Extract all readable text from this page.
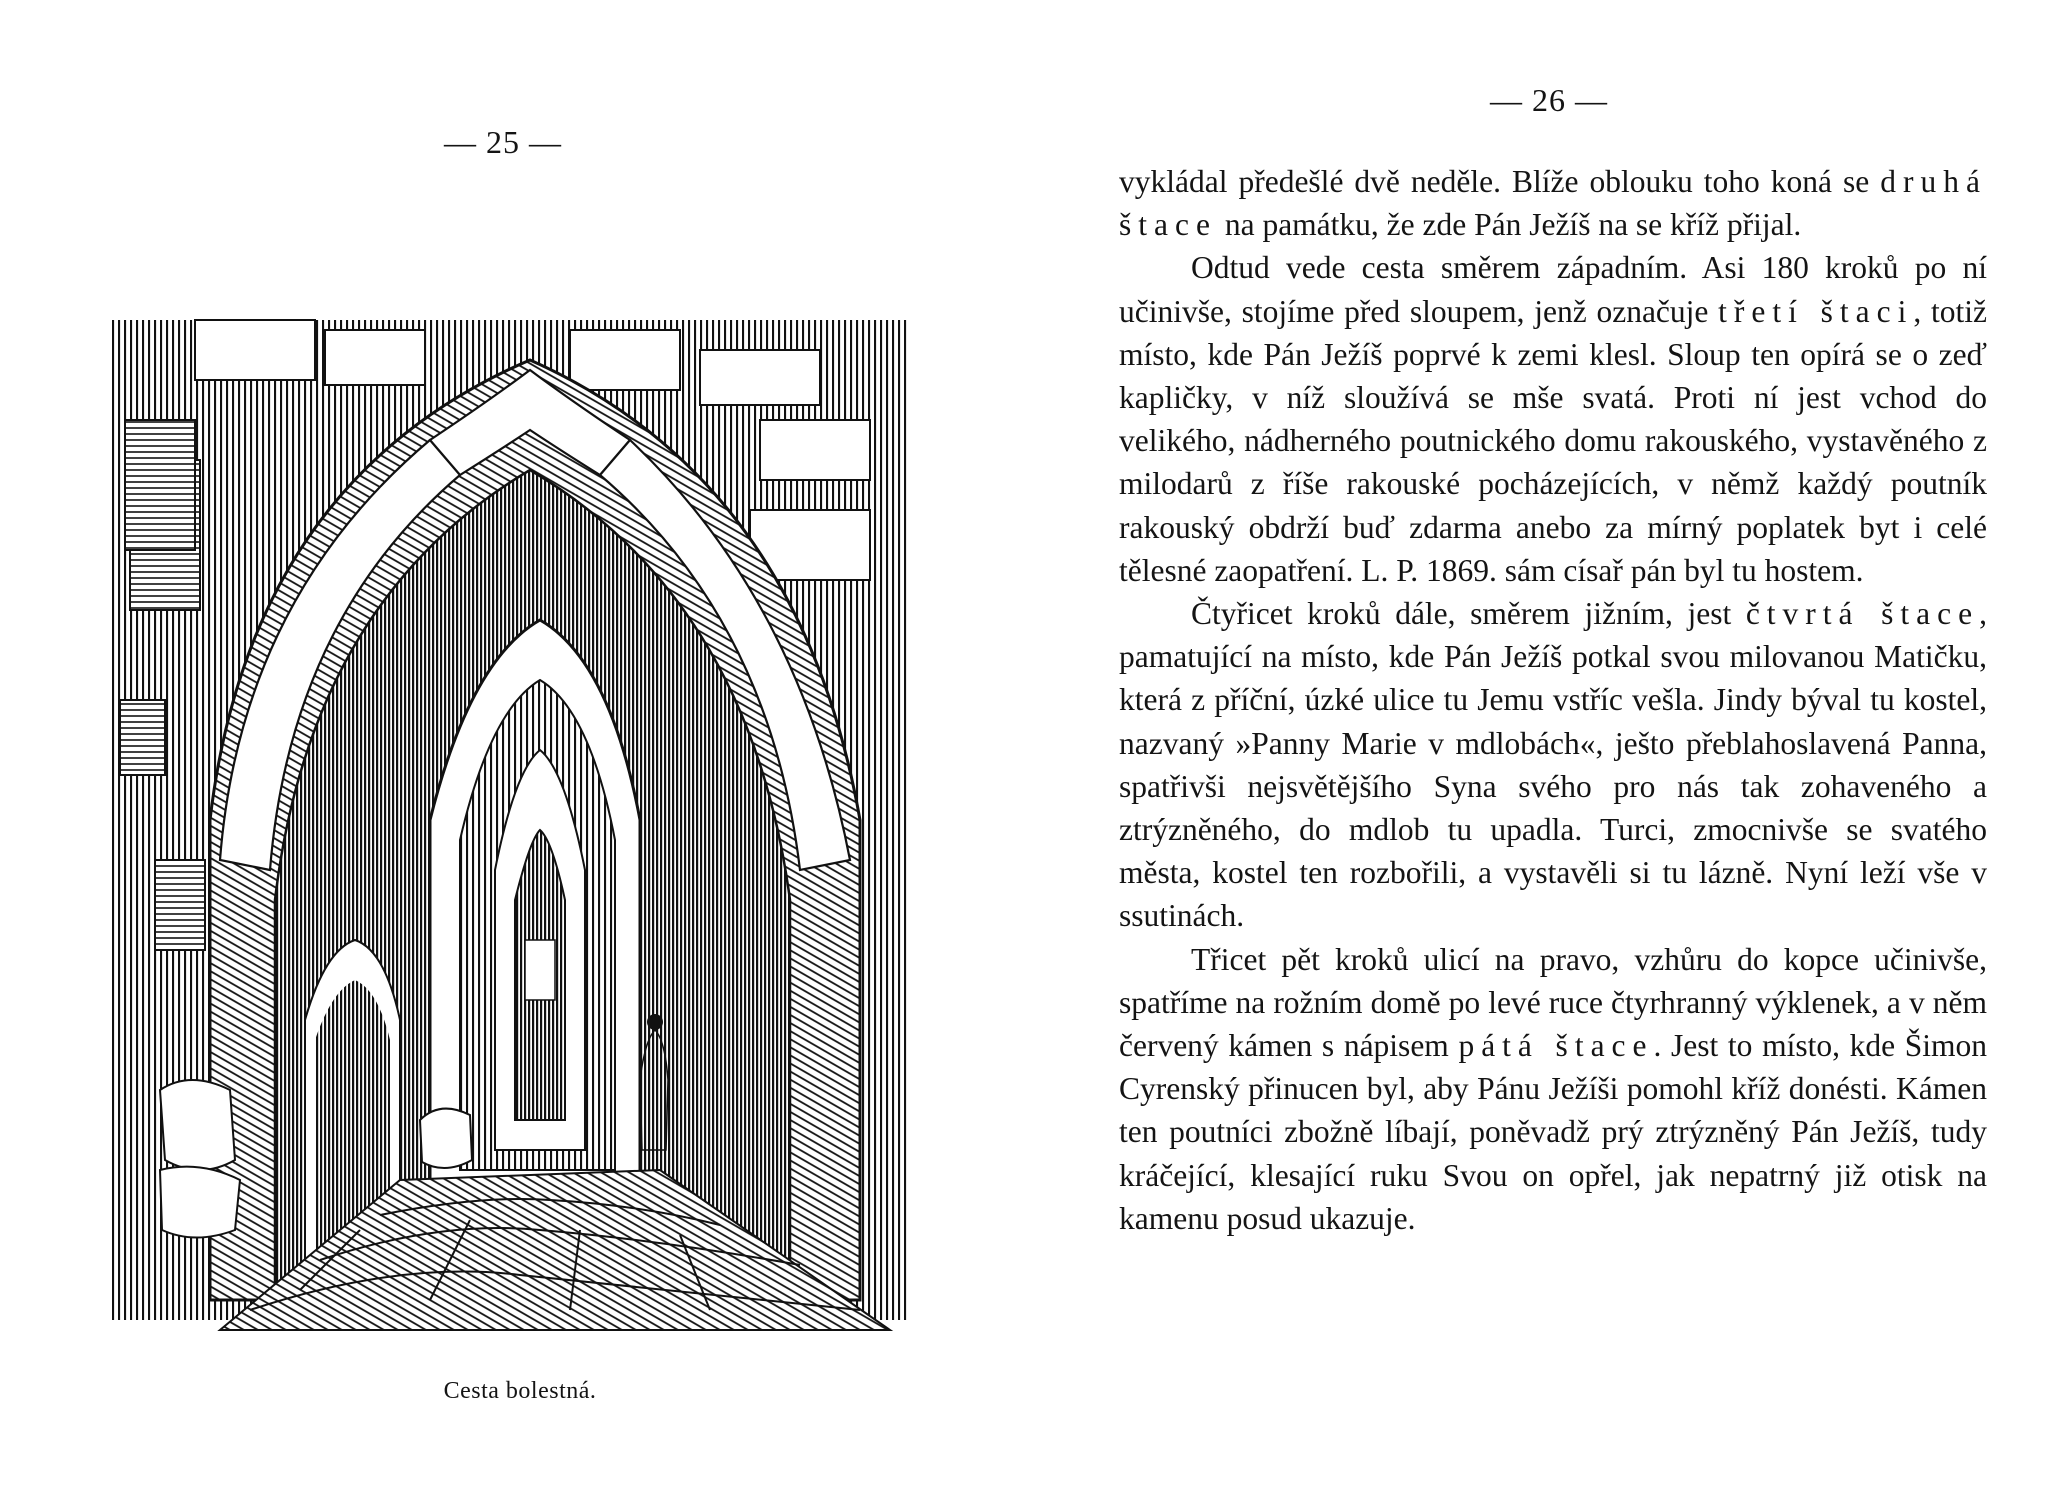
— 25 —
Cesta bolestná.
— 26 —

vykládal předešlé dvě neděle. Blíže oblouku toho koná se druhá štace na památku, že zde Pán Ježíš na se kříž přijal.

Odtud vede cesta směrem západním. Asi 180 kroků po ní učinivše, stojíme před sloupem, jenž označuje třetí štaci, totiž místo, kde Pán Ježíš poprvé k zemi klesl. Sloup ten opírá se o zeď kapličky, v níž sloužívá se mše svatá. Proti ní jest vchod do velikého, nádherného poutnického domu rakouského, vystavěného z milodarů z říše rakouské pocházejících, v němž každý poutník rakouský obdrží buď zdarma anebo za mírný poplatek byt i celé tělesné zaopatření. L. P. 1869. sám císař pán byl tu hostem.

Čtyřicet kroků dále, směrem jižním, jest čtvrtá štace, pamatující na místo, kde Pán Ježíš potkal svou milovanou Matičku, která z příční, úzké ulice tu Jemu vstříc vešla. Jindy býval tu kostel, nazvaný »Panny Marie v mdlobách«, ješto přeblahoslavená Panna, spatřivši nejsvětějšího Syna svého pro nás tak zohaveného a ztrýzněného, do mdlob tu upadla. Turci, zmocnivše se svatého města, kostel ten rozbořili, a vystavěli si tu lázně. Nyní leží vše v ssutinách.

Třicet pět kroků ulicí na pravo, vzhůru do kopce učinivše, spatříme na rožním domě po levé ruce čtyrhranný výklenek, a v něm červený kámen s nápisem pátá štace. Jest to místo, kde Šimon Cyrenský přinucen byl, aby Pánu Ježíši pomohl kříž donésti. Kámen ten poutníci zbožně líbají, poněvadž prý ztrýzněný Pán Ježíš, tudy kráčející, klesající ruku Svou on opřel, jak nepatrný již otisk na kamenu posud ukazuje.
